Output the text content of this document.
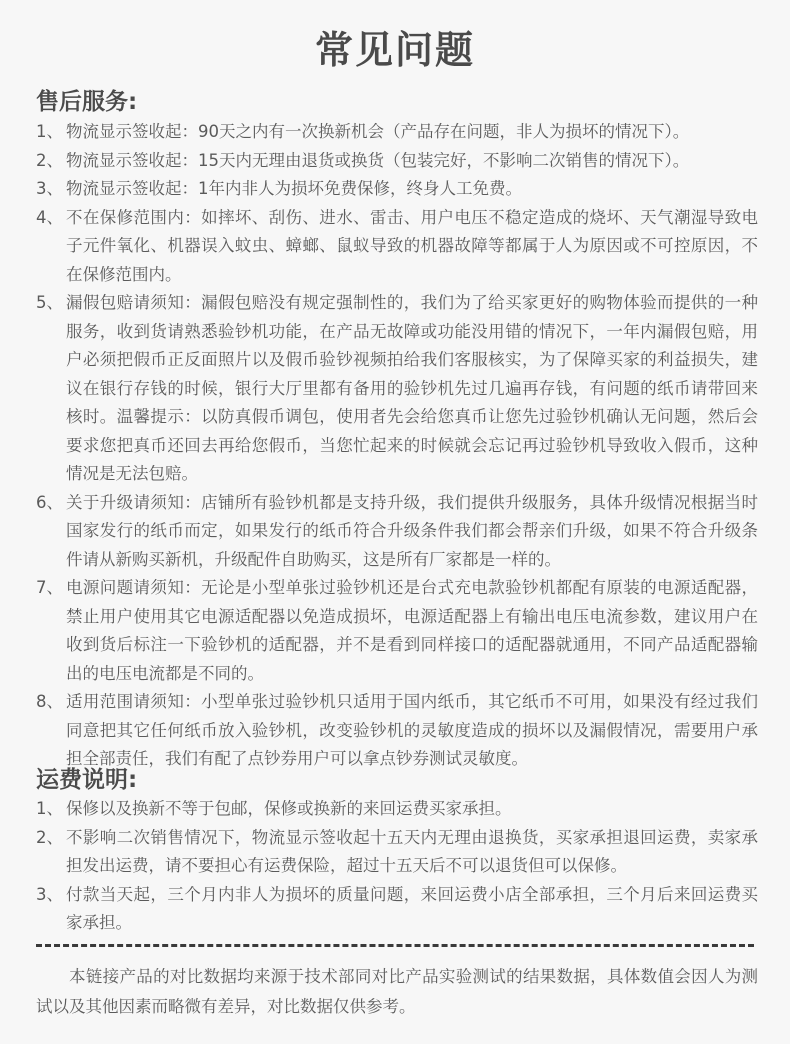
常见问题
售后服务:
1、 物流显示签收起：90天之内有一次换新机会（产品存在问题，非人为损坏的情况下）。
2、 物流显示签收起：15天内无理由退货或换货（包装完好，不影响二次销售的情况下）。
3、 物流显示签收起：1年内非人为损坏免费保修，终身人工免费。
4、 不在保修范围内：如摔坏、刮伤、进水、雷击、用户电压不稳定造成的烧坏、天气潮湿导致电子元件氧化、机器误入蚊虫、蟑螂、鼠蚁导致的机器故障等都属于人为原因或不可控原因，不在保修范围内。
5、 漏假包赔请须知：漏假包赔没有规定强制性的，我们为了给买家更好的购物体验而提供的一种服务，收到货请熟悉验钞机功能，在产品无故障或功能没用错的情况下，一年内漏假包赔，用户必须把假币正反面照片以及假币验钞视频拍给我们客服核实，为了保障买家的利益损失，建议在银行存钱的时候，银行大厅里都有备用的验钞机先过几遍再存钱，有问题的纸币请带回来核时。温馨提示：以防真假币调包，使用者先会给您真币让您先过验钞机确认无问题，然后会要求您把真币还回去再给您假币，当您忙起来的时候就会忘记再过验钞机导致收入假币，这种情况是无法包赔。
6、 关于升级请须知：店铺所有验钞机都是支持升级，我们提供升级服务，具体升级情况根据当时国家发行的纸币而定，如果发行的纸币符合升级条件我们都会帮亲们升级，如果不符合升级条件请从新购买新机，升级配件自助购买，这是所有厂家都是一样的。
7、 电源问题请须知：无论是小型单张过验钞机还是台式充电款验钞机都配有原装的电源适配器，禁止用户使用其它电源适配器以免造成损坏，电源适配器上有输出电压电流参数，建议用户在收到货后标注一下验钞机的适配器，并不是看到同样接口的适配器就通用，不同产品适配器输出的电压电流都是不同的。
8、 适用范围请须知：小型单张过验钞机只适用于国内纸币，其它纸币不可用，如果没有经过我们同意把其它任何纸币放入验钞机，改变验钞机的灵敏度造成的损坏以及漏假情况，需要用户承担全部责任，我们有配了点钞券用户可以拿点钞券测试灵敏度。
运费说明:
1、 保修以及换新不等于包邮，保修或换新的来回运费买家承担。
2、 不影响二次销售情况下，物流显示签收起十五天内无理由退换货，买家承担退回运费，卖家承担发出运费，请不要担心有运费保险，超过十五天后不可以退货但可以保修。
3、 付款当天起，三个月内非人为损坏的质量问题，来回运费小店全部承担，三个月后来回运费买家承担。
本链接产品的对比数据均来源于技术部同对比产品实验测试的结果数据，具体数值会因人为测试以及其他因素而略微有差异，对比数据仅供参考。
